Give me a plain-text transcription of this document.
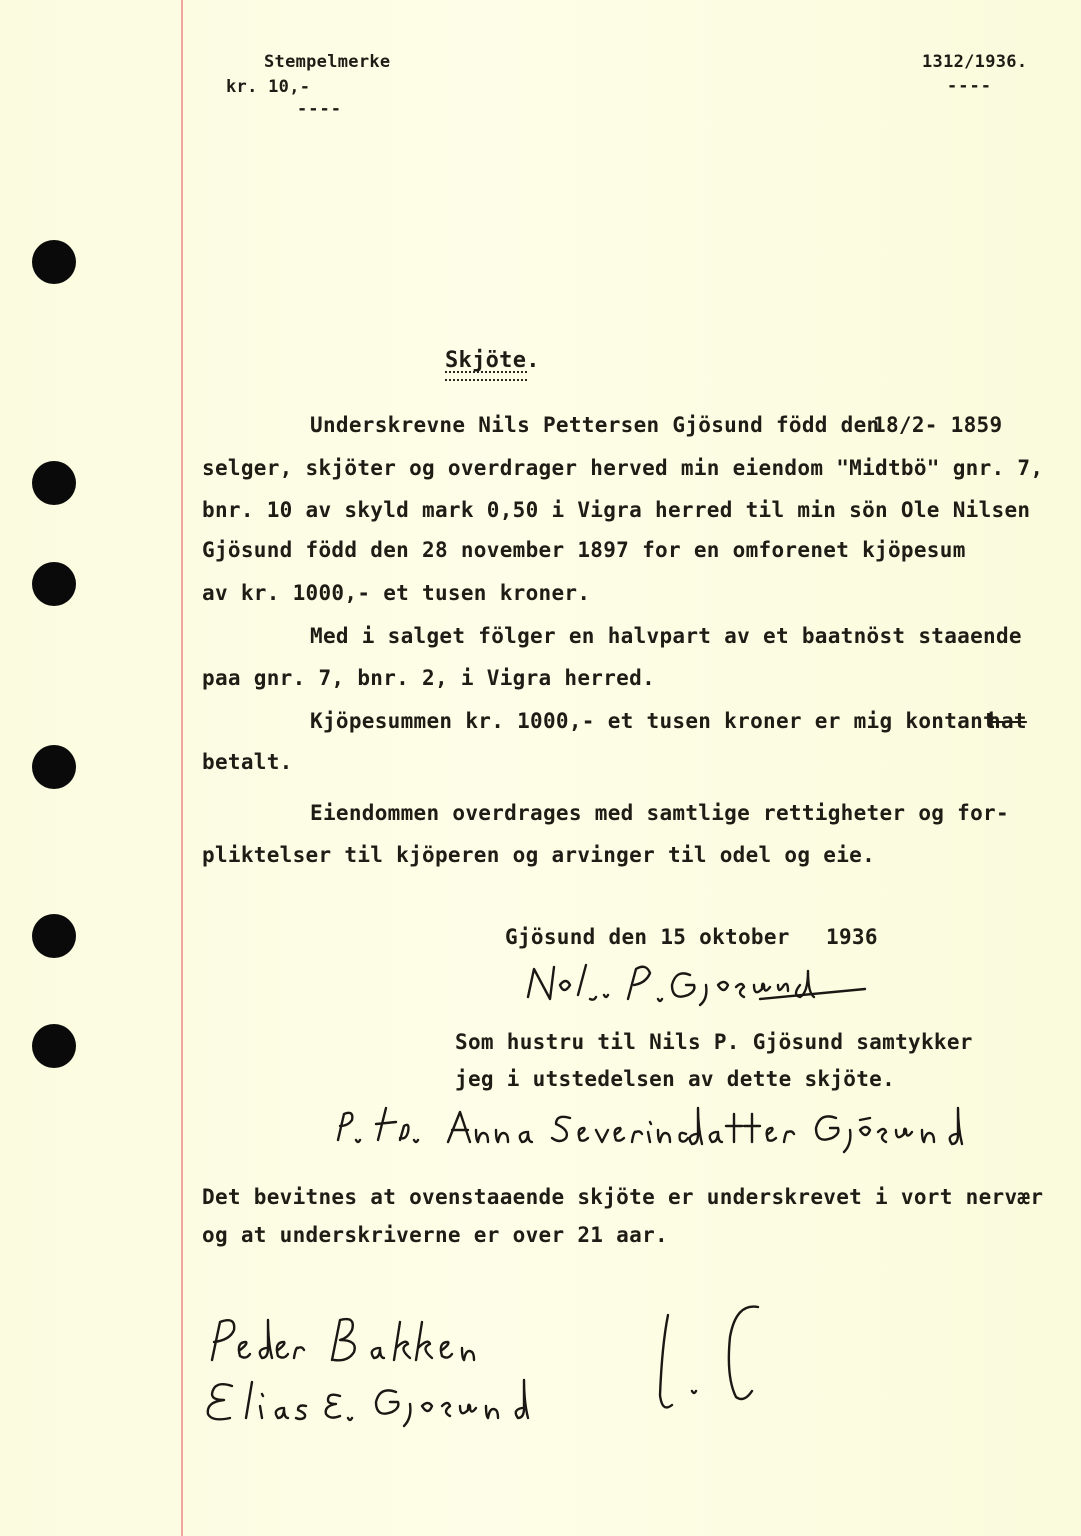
Stempelmerke
kr. 10,-
----
1312/1936.
----
Skjöte.
Underskrevne Nils Pettersen Gjösund född den
18/2- 1859
selger, skjöter og overdrager herved min eiendom "Midtbö" gnr. 7,
bnr. 10 av skyld mark 0,50 i Vigra herred til min sön Ole Nilsen
Gjösund född den 28 november 1897 for en omforenet kjöpesum
av kr. 1000,- et tusen kroner.
Med i salget fölger en halvpart av et baatnöst staaende
paa gnr. 7, bnr. 2, i Vigra herred.
Kjöpesummen kr. 1000,- et tusen kroner er mig kontant
hat
betalt.
Eiendommen overdrages med samtlige rettigheter og for-
pliktelser til kjöperen og arvinger til odel og eie.
Gjösund den 15 oktober 1936
Som hustru til Nils P. Gjösund samtykker
jeg i utstedelsen av dette skjöte.
Det bevitnes at ovenstaaende skjöte er underskrevet i vort nervær
og at underskriverne er over 21 aar.
